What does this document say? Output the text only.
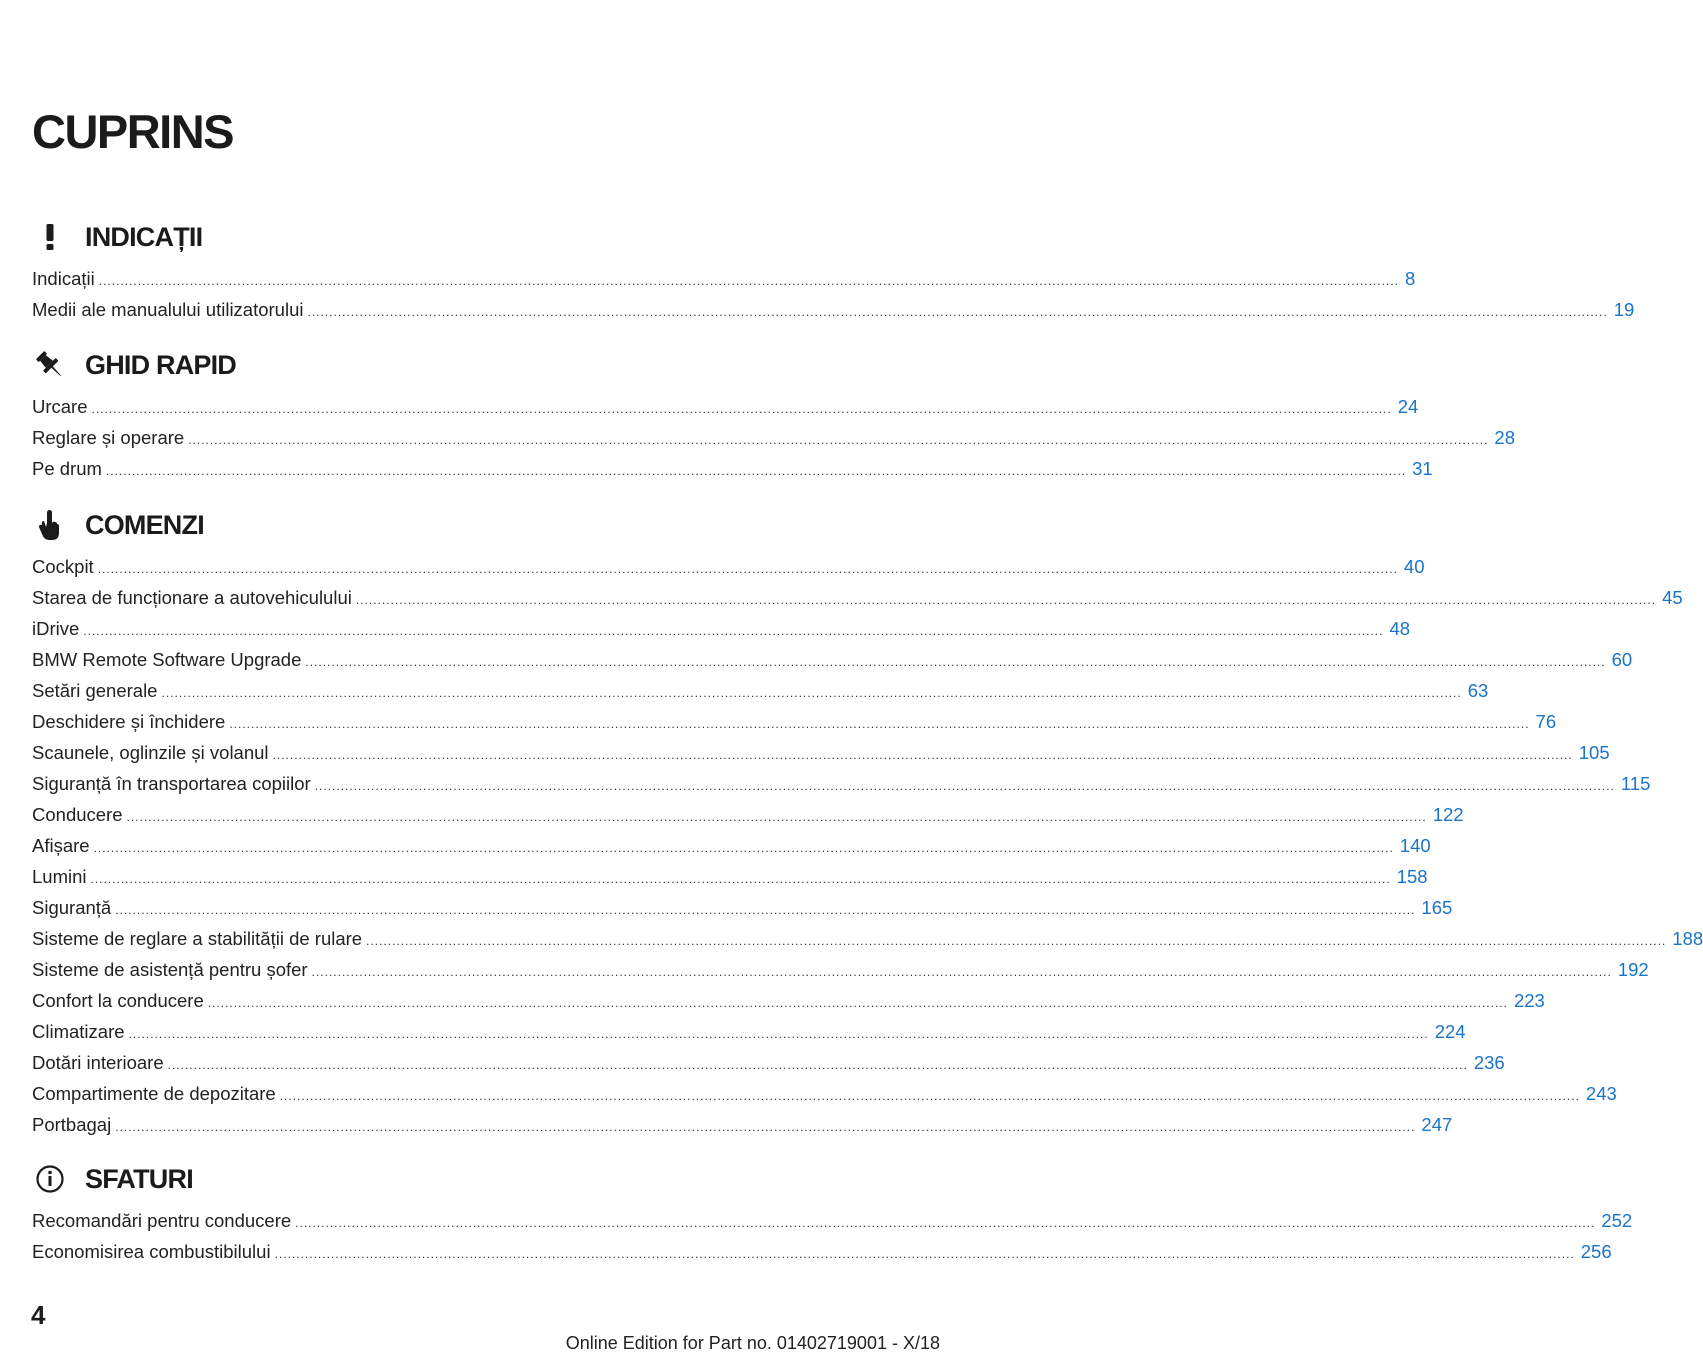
CUPRINS
INDICAȚII
Indicații ............................................................................................................................................................................................................................................................................................................ 8
Medii ale manualului utilizatorului ............................................................................................................................................................................................................................................................................................................ 19
GHID RAPID
Urcare ............................................................................................................................................................................................................................................................................................................ 24
Reglare și operare ............................................................................................................................................................................................................................................................................................................ 28
Pe drum ............................................................................................................................................................................................................................................................................................................ 31
COMENZI
Cockpit ............................................................................................................................................................................................................................................................................................................ 40
Starea de funcționare a autovehiculului ............................................................................................................................................................................................................................................................................................................ 45
iDrive ............................................................................................................................................................................................................................................................................................................ 48
BMW Remote Software Upgrade ............................................................................................................................................................................................................................................................................................................ 60
Setări generale ............................................................................................................................................................................................................................................................................................................ 63
Deschidere și închidere ............................................................................................................................................................................................................................................................................................................ 76
Scaunele, oglinzile și volanul ............................................................................................................................................................................................................................................................................................................ 105
Siguranță în transportarea copiilor ............................................................................................................................................................................................................................................................................................................ 115
Conducere ............................................................................................................................................................................................................................................................................................................ 122
Afișare ............................................................................................................................................................................................................................................................................................................ 140
Lumini ............................................................................................................................................................................................................................................................................................................ 158
Siguranță ............................................................................................................................................................................................................................................................................................................ 165
Sisteme de reglare a stabilității de rulare ............................................................................................................................................................................................................................................................................................................ 188
Sisteme de asistență pentru șofer ............................................................................................................................................................................................................................................................................................................ 192
Confort la conducere ............................................................................................................................................................................................................................................................................................................ 223
Climatizare ............................................................................................................................................................................................................................................................................................................ 224
Dotări interioare ............................................................................................................................................................................................................................................................................................................ 236
Compartimente de depozitare ............................................................................................................................................................................................................................................................................................................ 243
Portbagaj ............................................................................................................................................................................................................................................................................................................ 247
SFATURI
Recomandări pentru conducere ............................................................................................................................................................................................................................................................................................................ 252
Economisirea combustibilului ............................................................................................................................................................................................................................................................................................................ 256
4
Online Edition for Part no. 01402719001 - X/18
